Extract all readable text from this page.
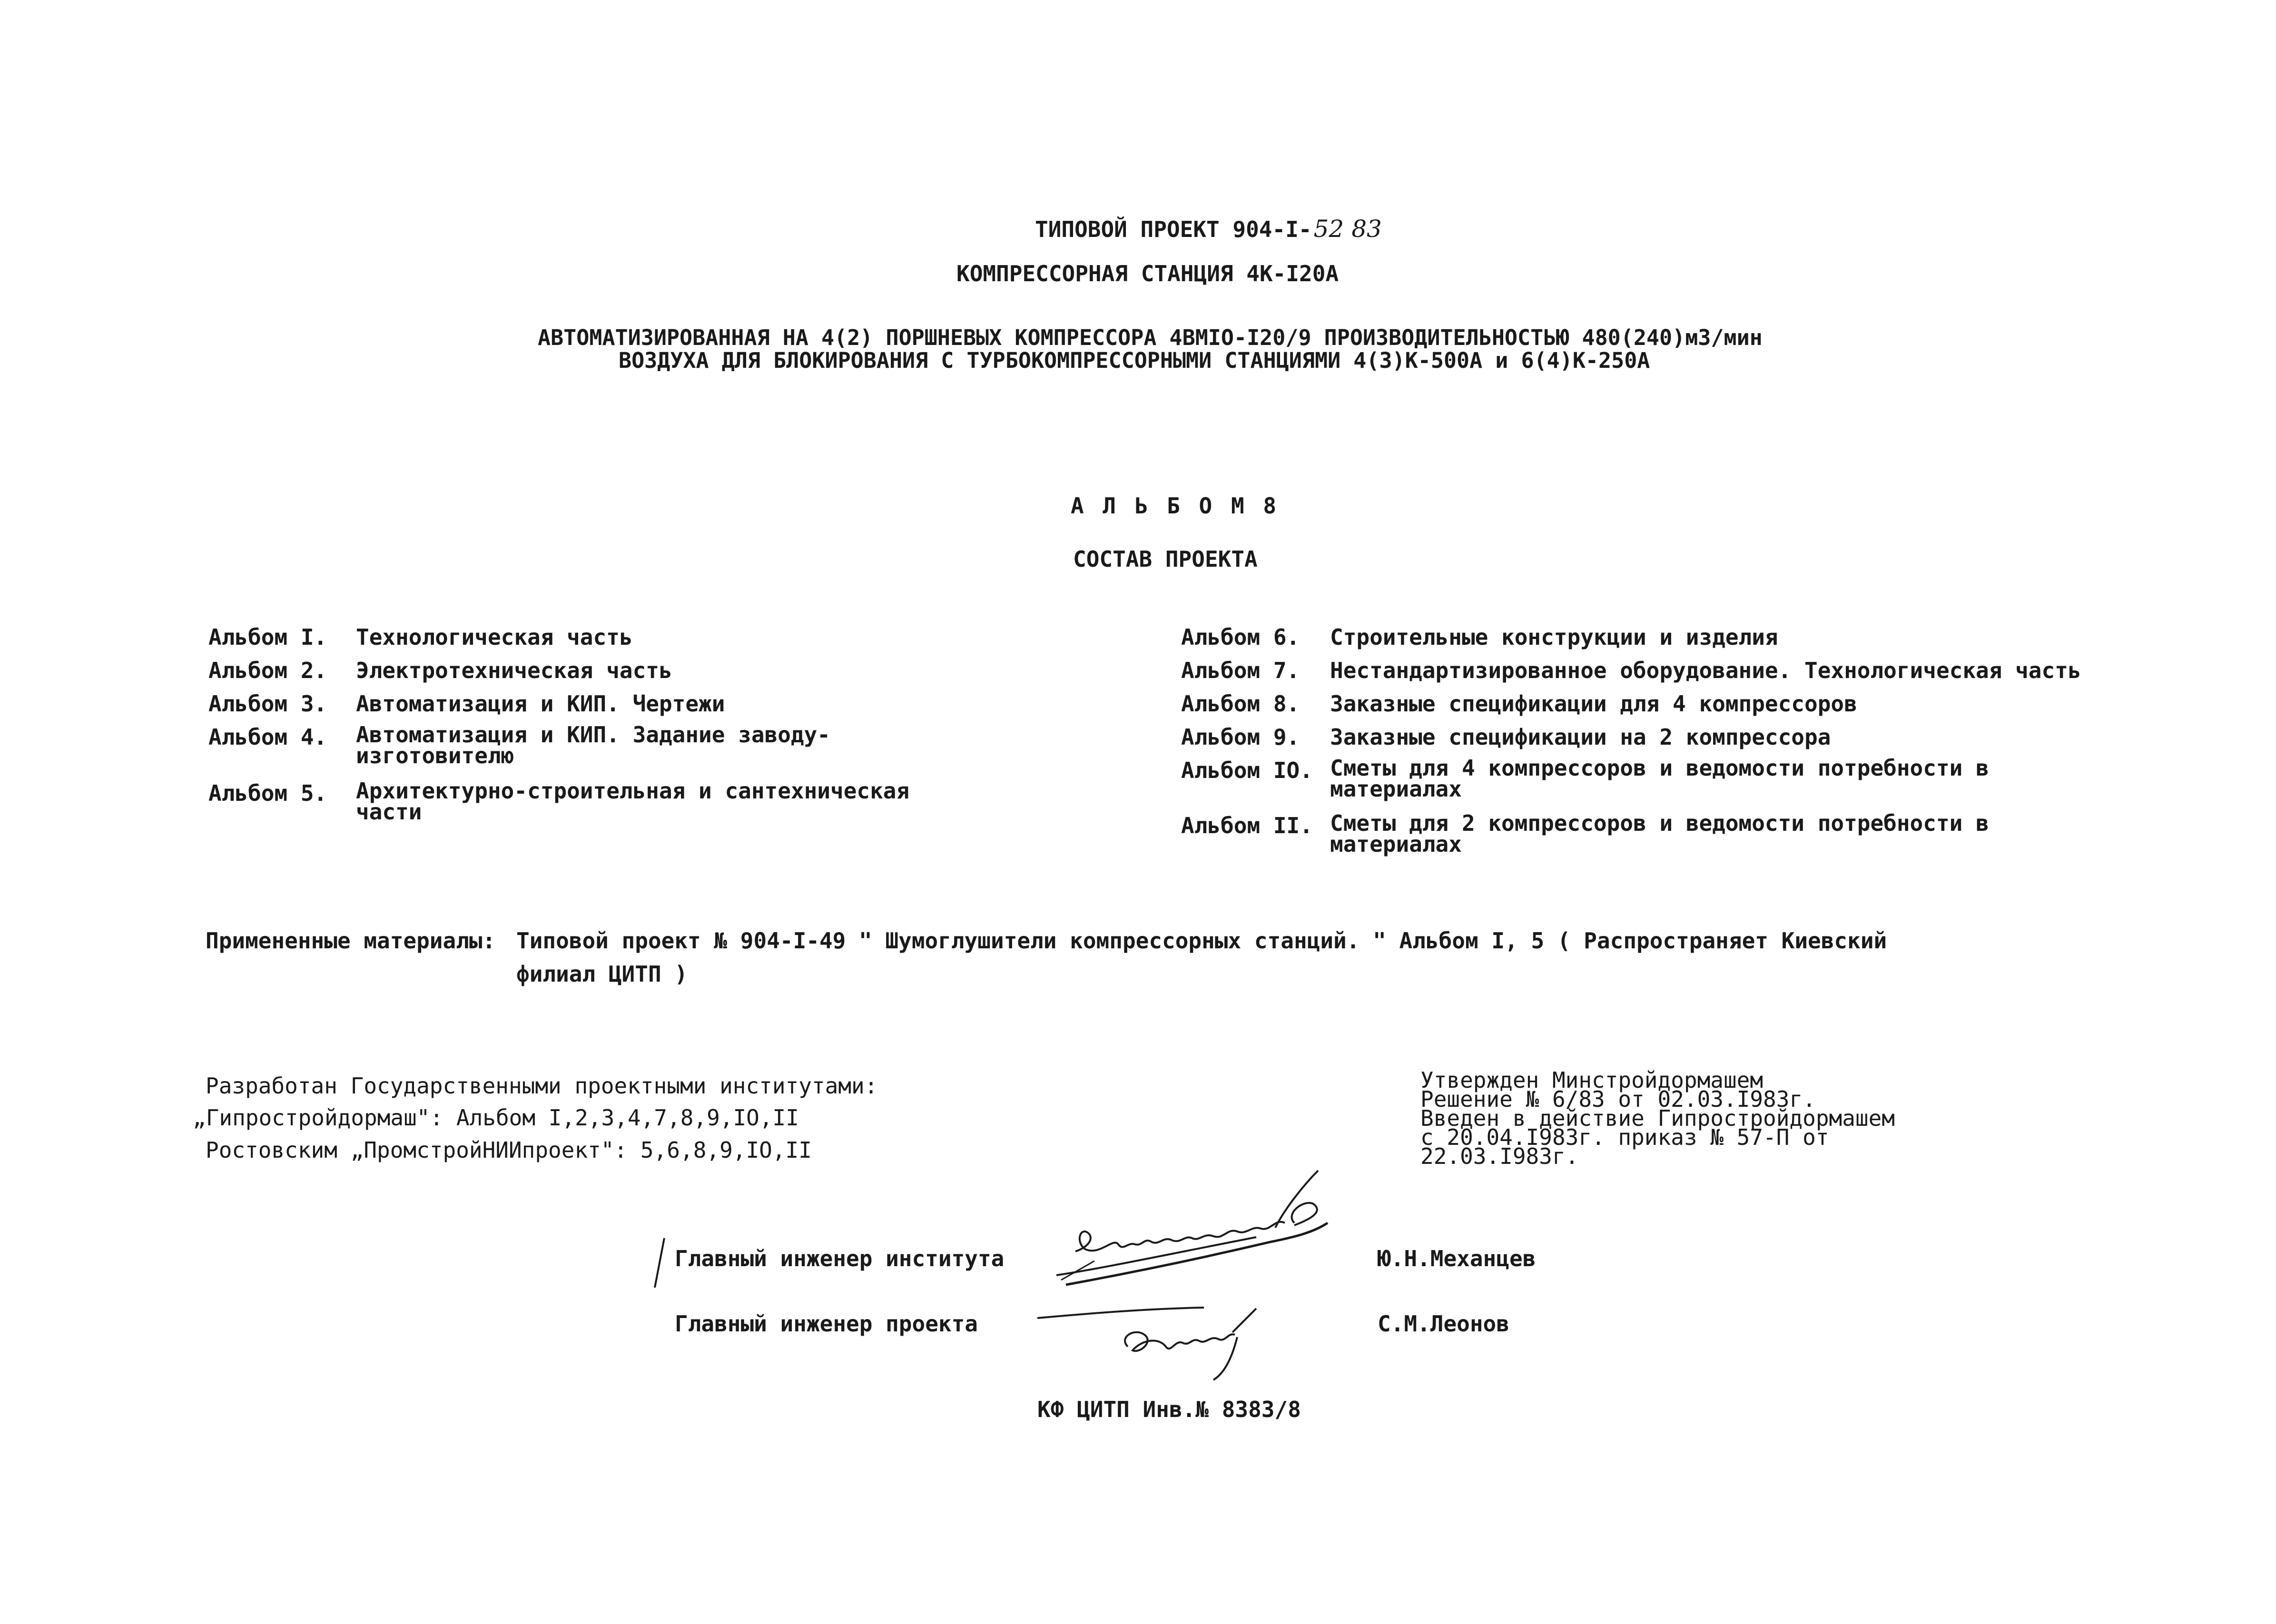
ТИПОВОЙ ПРОЕКТ 904-I-52 83
КОМПРЕССОРНАЯ СТАНЦИЯ 4К-I20А
АВТОМАТИЗИРОВАННАЯ НА 4(2) ПОРШНЕВЫХ КОМПРЕССОРА 4ВМIO-I20/9 ПРОИЗВОДИТЕЛЬНОСТЬЮ 480(240)м3/мин
ВОЗДУХА ДЛЯ БЛОКИРОВАНИЯ С ТУРБОКОМПРЕССОРНЫМИ СТАНЦИЯМИ 4(3)К-500А и 6(4)К-250А
А Л Ь Б О М 8
СОСТАВ ПРОЕКТА
Альбом I. Технологическая часть
Альбом 2. Электротехническая часть
Альбом 3. Автоматизация и КИП. Чертежи
Альбом 4. Автоматизация и КИП. Задание заводу-
изготовителю
Альбом 5. Архитектурно-строительная и сантехническая
части
Альбом 6. Строительные конструкции и изделия
Альбом 7. Нестандартизированное оборудование. Технологическая часть
Альбом 8. Заказные спецификации для 4 компрессоров
Альбом 9. Заказные спецификации на 2 компрессора
Альбом IO. Сметы для 4 компрессоров и ведомости потребности в
материалах
Альбом II. Сметы для 2 компрессоров и ведомости потребности в
материалах
Примененные материалы: Типовой проект № 904-I-49 " Шумоглушители компрессорных станций. " Альбом I, 5 ( Распространяет Киевский
филиал ЦИТП )
Разработан Государственными проектными институтами:
„Гипростройдормаш": Альбом I,2,3,4,7,8,9,IO,II
Ростовским „ПромстройНИИпроект": 5,6,8,9,IO,II
Утвержден Минстройдормашем
Решение № 6/83 от 02.03.I983г.
Введен в действие Гипростройдормашем
с 20.04.I983г. приказ № 57-П от
22.03.I983г.
Главный инженер института	Ю.Н.Механцев
Главный инженер проекта	С.М.Леонов
КФ ЦИТП Инв.№ 8383/8
